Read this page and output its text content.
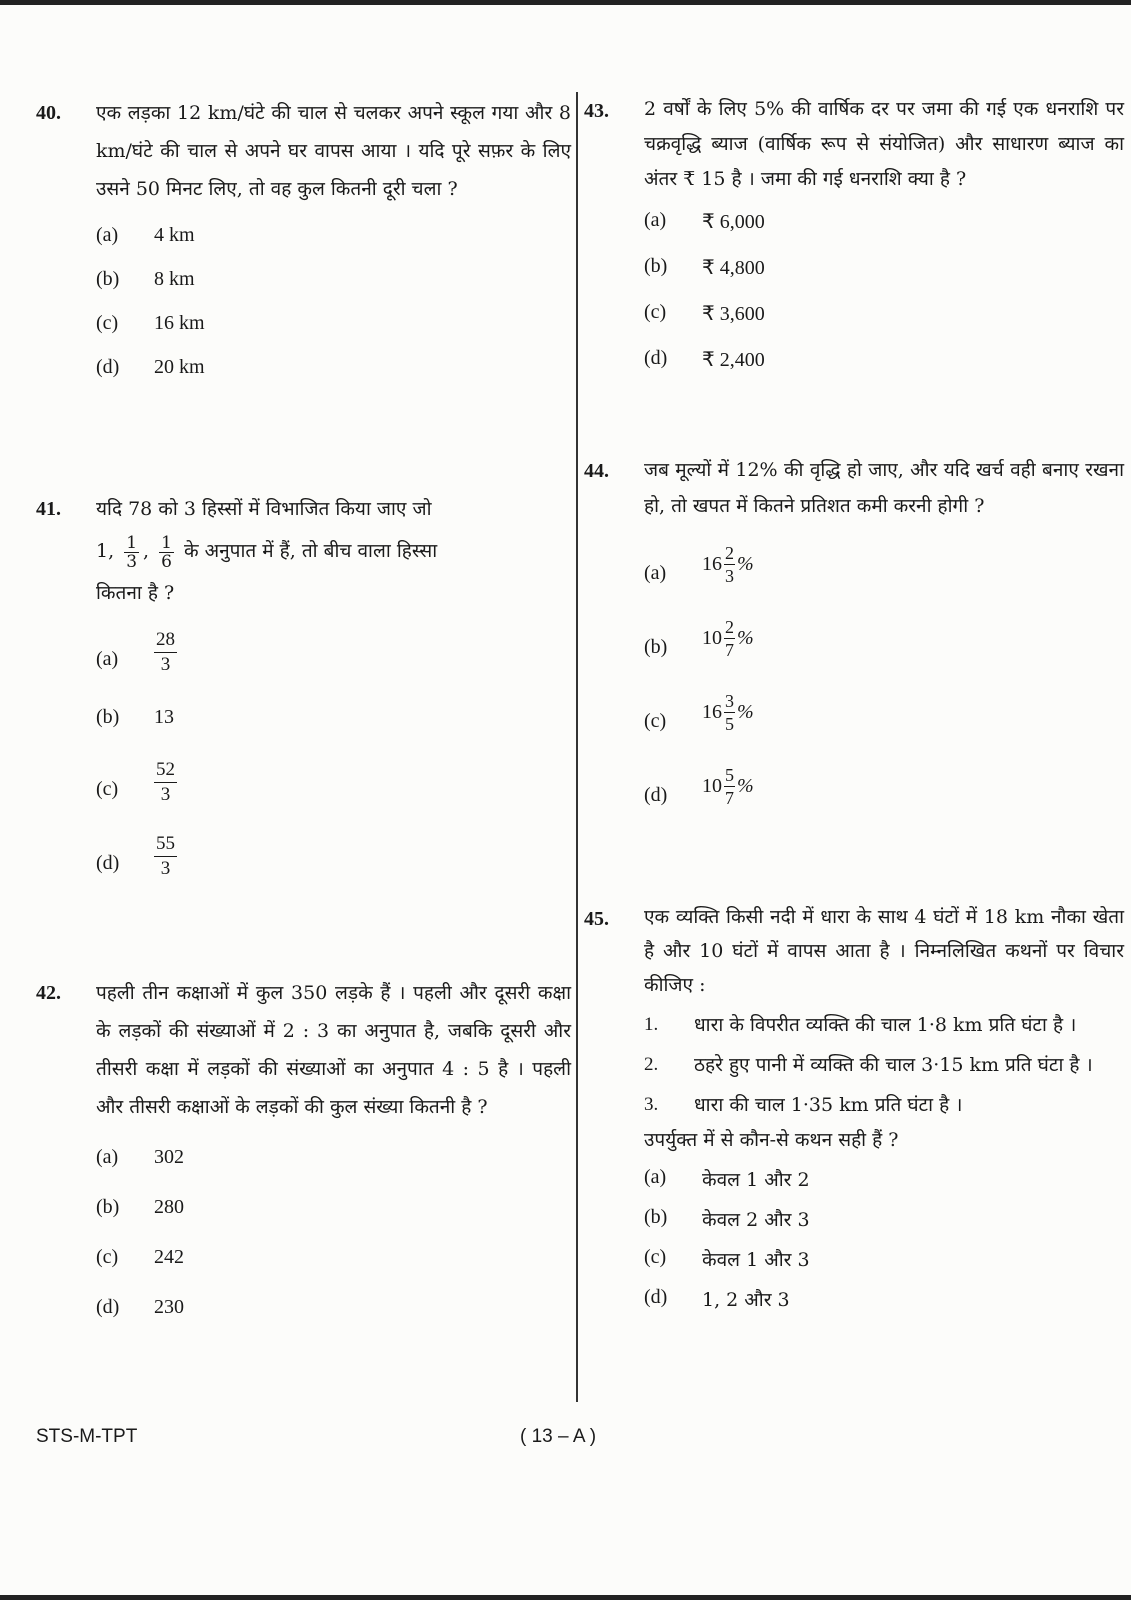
40. एक लड़का 12 km/घंटे की चाल से चलकर अपने स्कूल गया और 8 km/घंटे की चाल से अपने घर वापस आया । यदि पूरे सफ़र के लिए उसने 50 मिनट लिए, तो वह कुल कितनी दूरी चला ?
(a)	4 km
(b)	8 km
(c)	16 km
(d)	20 km
41. यदि 78 को 3 हिस्सों में विभाजित किया जाए जो
1, $\frac{1}{3}$ , $\frac{1}{6}$ के अनुपात में हैं, तो बीच वाला हिस्सा
कितना है ?
(a)	$\frac{28}{3}$
(b)	13
(c)	$\frac{52}{3}$
(d)	$\frac{55}{3}$
42. पहली तीन कक्षाओं में कुल 350 लड़के हैं । पहली और दूसरी कक्षा के लड़कों की संख्याओं में 2 : 3 का अनुपात है, जबकि दूसरी और तीसरी कक्षा में लड़कों की संख्याओं का अनुपात 4 : 5 है । पहली और तीसरी कक्षाओं के लड़कों की कुल संख्या कितनी है ?
(a)	302
(b)	280
(c)	242
(d)	230
43. 2 वर्षों के लिए 5% की वार्षिक दर पर जमा की गई एक धनराशि पर चक्रवृद्धि ब्याज (वार्षिक रूप से संयोजित) और साधारण ब्याज का अंतर ₹ 15 है । जमा की गई धनराशि क्या है ?
(a)	₹ 6,000
(b)	₹ 4,800
(c)	₹ 3,600
(d)	₹ 2,400
44. जब मूल्यों में 12% की वृद्धि हो जाए, और यदि खर्च वही बनाए रखना हो, तो खपत में कितने प्रतिशत कमी करनी होगी ?
(a)	16 2
3
%
(b)	10 2
7
%
(c)	16 3
5
%
(d)	10 5
7
%
45. एक व्यक्ति किसी नदी में धारा के साथ 4 घंटों में 18 km नौका खेता है और 10 घंटों में वापस आता है । निम्नलिखित कथनों पर विचार कीजिए :
1. धारा के विपरीत व्यक्ति की चाल 1·8 km प्रति घंटा है ।
2. ठहरे हुए पानी में व्यक्ति की चाल 3·15 km प्रति घंटा है ।
3. धारा की चाल 1·35 km प्रति घंटा है ।
उपर्युक्त में से कौन-से कथन सही हैं ?
(a)	केवल 1 और 2
(b)	केवल 2 और 3
(c)	केवल 1 और 3
(d)	1, 2 और 3
STS-M-TPT	( 13 – A )
